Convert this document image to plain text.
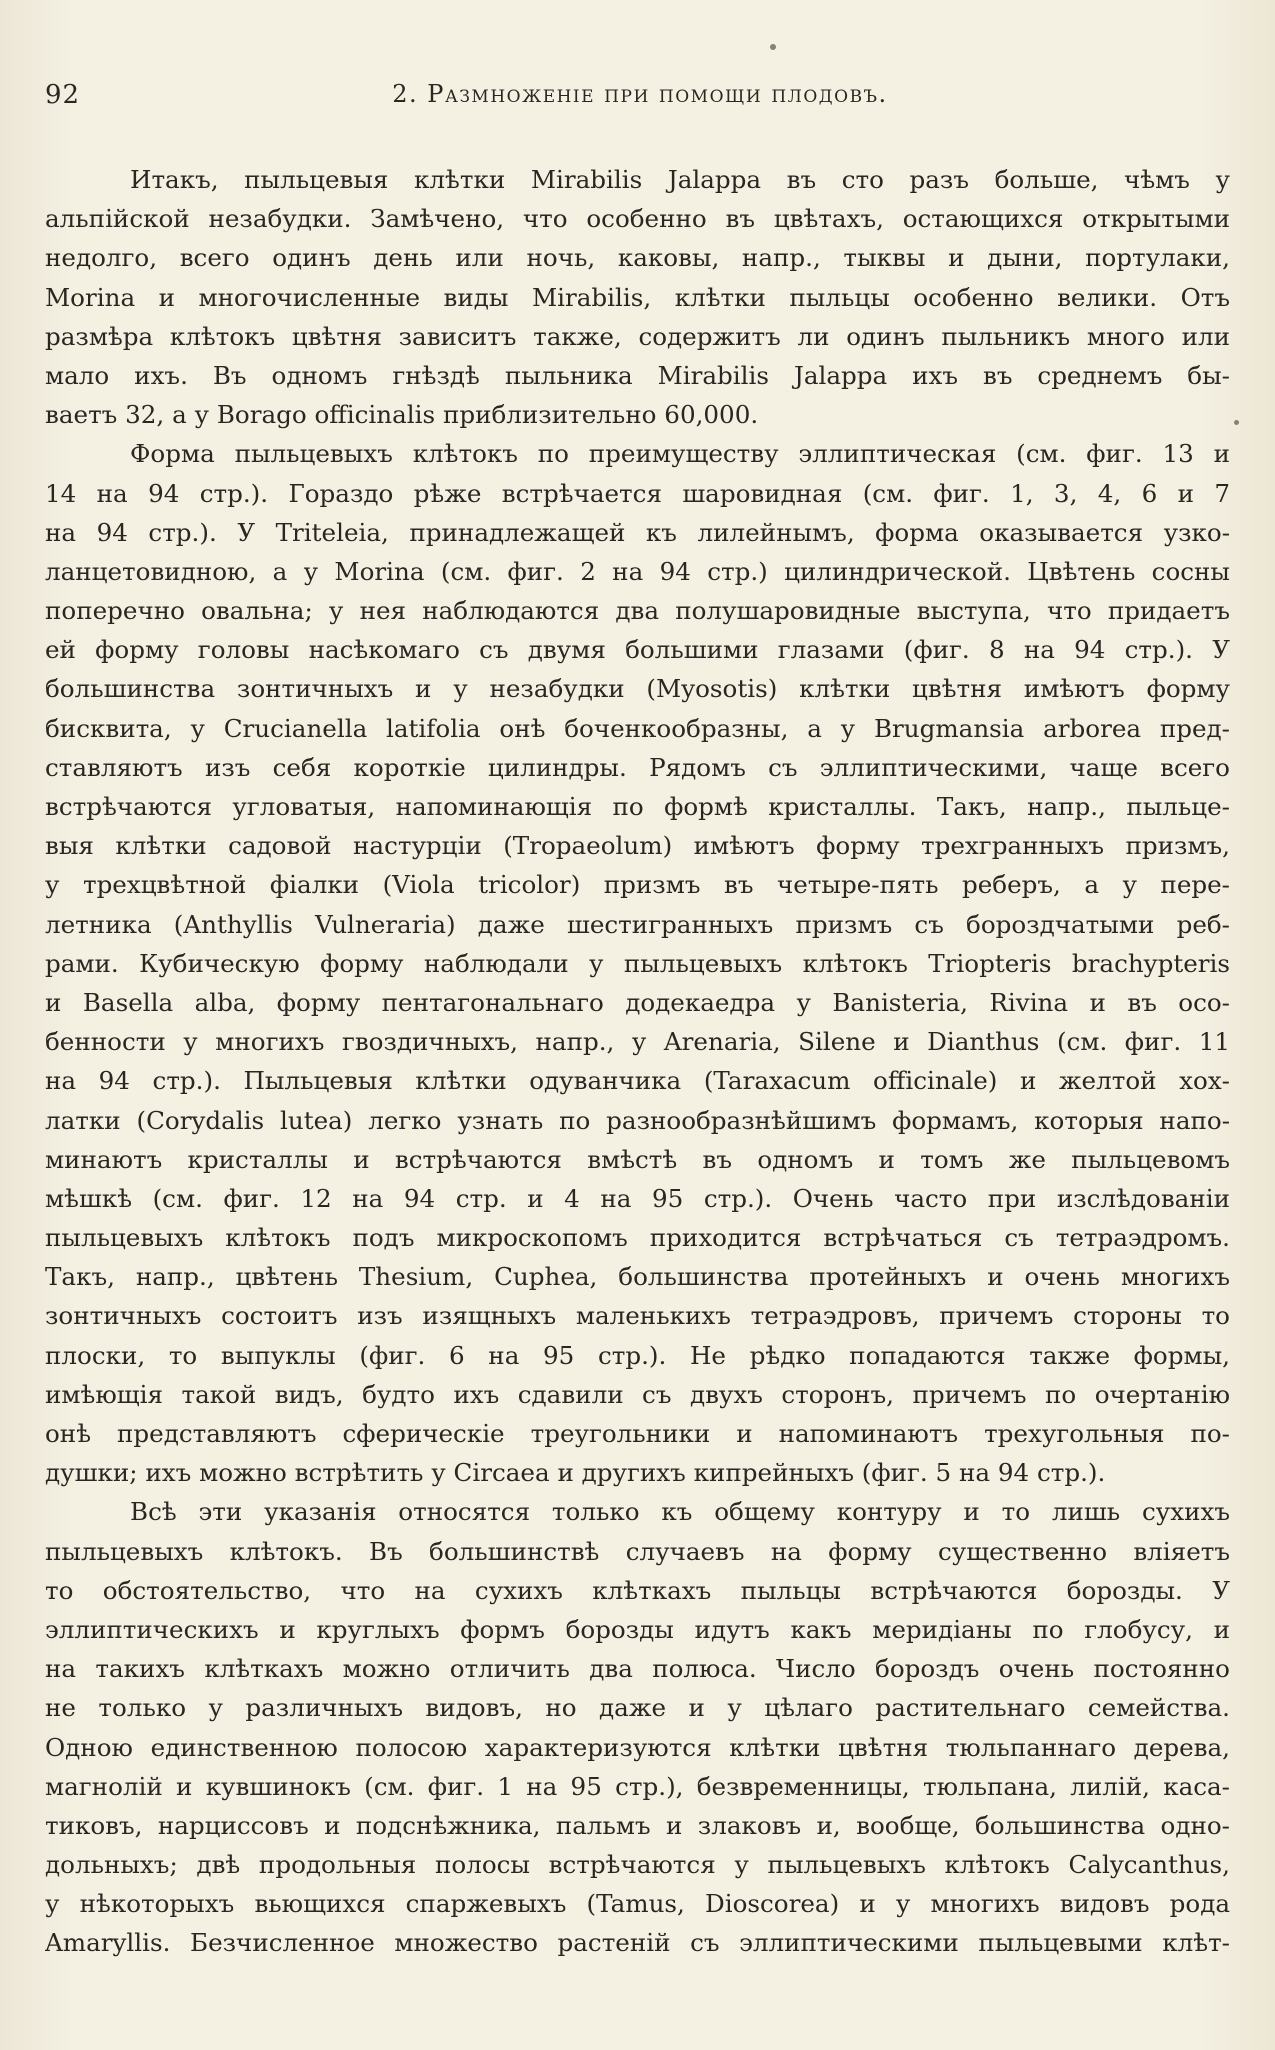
92	2. Размноженіе при помощи плодовъ.
Итакъ, пыльцевыя клѣтки Mirabilis Jalappa въ сто разъ больше, чѣмъ у
альпійской незабудки. Замѣчено, что особенно въ цвѣтахъ, остающихся открытыми
недолго, всего одинъ день или ночь, каковы, напр., тыквы и дыни, портулаки,
Morina и многочисленные виды Mirabilis, клѣтки пыльцы особенно велики. Отъ
размѣра клѣтокъ цвѣтня зависитъ также, содержитъ ли одинъ пыльникъ много или
мало ихъ. Въ одномъ гнѣздѣ пыльника Mirabilis Jalappa ихъ въ среднемъ бы-
ваетъ 32, а у Borago officinalis приблизительно 60,000.
Форма пыльцевыхъ клѣтокъ по преимуществу эллиптическая (см. фиг. 13 и
14 на 94 стр.). Гораздо рѣже встрѣчается шаровидная (см. фиг. 1, 3, 4, 6 и 7
на 94 стр.). У Triteleia, принадлежащей къ лилейнымъ, форма оказывается узко-
ланцетовидною, а у Morina (см. фиг. 2 на 94 стр.) цилиндрической. Цвѣтень сосны
поперечно овальна; у нея наблюдаются два полушаровидные выступа, что придаетъ
ей форму головы насѣкомаго съ двумя большими глазами (фиг. 8 на 94 стр.). У
большинства зонтичныхъ и у незабудки (Myosotis) клѣтки цвѣтня имѣютъ форму
бисквита, у Crucianella latifolia онѣ боченкообразны, а у Brugmansia arborea пред-
ставляютъ изъ себя короткіе цилиндры. Рядомъ съ эллиптическими, чаще всего
встрѣчаются угловатыя, напоминающія по формѣ кристаллы. Такъ, напр., пыльце-
выя клѣтки садовой настурціи (Tropaeolum) имѣютъ форму трехгранныхъ призмъ,
у трехцвѣтной фіалки (Viola tricolor) призмъ въ четыре-пять реберъ, а у пере-
летника (Anthyllis Vulneraria) даже шестигранныхъ призмъ съ бороздчатыми реб-
рами. Кубическую форму наблюдали у пыльцевыхъ клѣтокъ Trioptеris brachypteris
и Basella alba, форму пентагональнаго додекаедра у Banisteria, Rivina и въ осо-
бенности у многихъ гвоздичныхъ, напр., у Arenaria, Silene и Dianthus (см. фиг. 11
на 94 стр.). Пыльцевыя клѣтки одуванчика (Taraxacum officinale) и желтой хох-
латки (Corydalis lutea) легко узнать по разнообразнѣйшимъ формамъ, которыя напо-
минаютъ кристаллы и встрѣчаются вмѣстѣ въ одномъ и томъ же пыльцевомъ
мѣшкѣ (см. фиг. 12 на 94 стр. и 4 на 95 стр.). Очень часто при изслѣдованіи
пыльцевыхъ клѣтокъ подъ микроскопомъ приходится встрѣчаться съ тетраэдромъ.
Такъ, напр., цвѣтень Thesium, Cuphea, большинства протейныхъ и очень многихъ
зонтичныхъ состоитъ изъ изящныхъ маленькихъ тетраэдровъ, причемъ стороны то
плоски, то выпуклы (фиг. 6 на 95 стр.). Не рѣдко попадаются также формы,
имѣющія такой видъ, будто ихъ сдавили съ двухъ сторонъ, причемъ по очертанію
онѣ представляютъ сферическіе треугольники и напоминаютъ трехугольныя по-
душки; ихъ можно встрѣтить у Circaea и другихъ кипрейныхъ (фиг. 5 на 94 стр.).
Всѣ эти указанія относятся только къ общему контуру и то лишь сухихъ
пыльцевыхъ клѣтокъ. Въ большинствѣ случаевъ на форму существенно вліяетъ
то обстоятельство, что на сухихъ клѣткахъ пыльцы встрѣчаются борозды. У
эллиптическихъ и круглыхъ формъ борозды идутъ какъ меридіаны по глобусу, и
на такихъ клѣткахъ можно отличить два полюса. Число бороздъ очень постоянно
не только у различныхъ видовъ, но даже и у цѣлаго растительнаго семейства.
Одною единственною полосою характеризуются клѣтки цвѣтня тюльпаннаго дерева,
магнолій и кувшинокъ (см. фиг. 1 на 95 стр.), безвременницы, тюльпана, лилій, каса-
тиковъ, нарциссовъ и подснѣжника, пальмъ и злаковъ и, вообще, большинства одно-
дольныхъ; двѣ продольныя полосы встрѣчаются у пыльцевыхъ клѣтокъ Calycanthus,
у нѣкоторыхъ вьющихся спаржевыхъ (Tamus, Dioscorea) и у многихъ видовъ рода
Amaryllis. Безчисленное множество растеній съ эллиптическими пыльцевыми клѣт-
